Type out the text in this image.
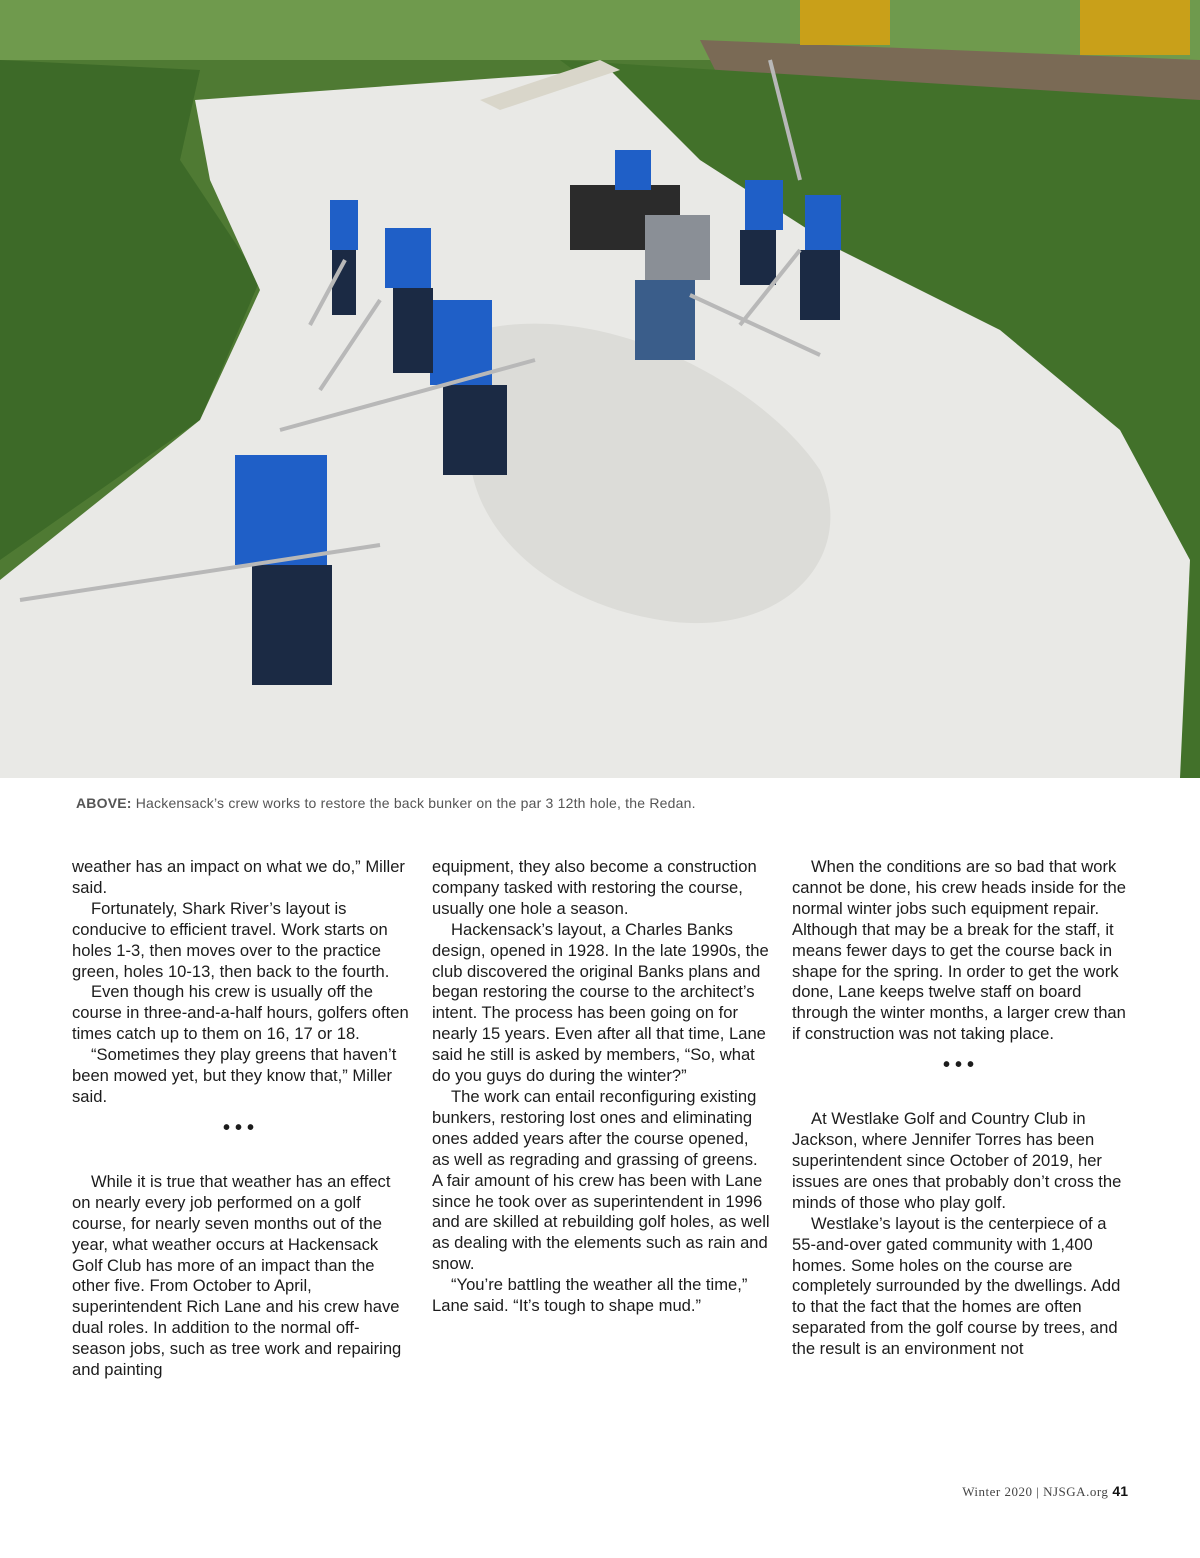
ABOVE: Hackensack’s crew works to restore the back bunker on the par 3 12th hole, the Redan.

weather has an impact on what we do,” Miller said.

Fortunately, Shark River’s layout is conducive to efficient travel. Work starts on holes 1-3, then moves over to the practice green, holes 10-13, then back to the fourth.

Even though his crew is usually off the course in three-and-a-half hours, golfers often times catch up to them on 16, 17 or 18.

“Sometimes they play greens that haven’t been mowed yet, but they know that,” Miller said.

•••

While it is true that weather has an effect on nearly every job performed on a golf course, for nearly seven months out of the year, what weather occurs at Hackensack Golf Club has more of an impact than the other five. From October to April, superintendent Rich Lane and his crew have dual roles. In addition to the normal off-season jobs, such as tree work and repairing and painting

equipment, they also become a construction company tasked with restoring the course, usually one hole a season.

Hackensack’s layout, a Charles Banks design, opened in 1928. In the late 1990s, the club discovered the original Banks plans and began restoring the course to the architect’s intent. The process has been going on for nearly 15 years. Even after all that time, Lane said he still is asked by members, “So, what do you guys do during the winter?”

The work can entail reconfiguring existing bunkers, restoring lost ones and eliminating ones added years after the course opened, as well as regrading and grassing of greens. A fair amount of his crew has been with Lane since he took over as superintendent in 1996 and are skilled at rebuilding golf holes, as well as dealing with the elements such as rain and snow.

“You’re battling the weather all the time,” Lane said. “It’s tough to shape mud.”

When the conditions are so bad that work cannot be done, his crew heads inside for the normal winter jobs such equipment repair. Although that may be a break for the staff, it means fewer days to get the course back in shape for the spring. In order to get the work done, Lane keeps twelve staff on board through the winter months, a larger crew than if construction was not taking place.

•••

At Westlake Golf and Country Club in Jackson, where Jennifer Torres has been superintendent since October of 2019, her issues are ones that probably don’t cross the minds of those who play golf.

Westlake’s layout is the centerpiece of a 55-and-over gated community with 1,400 homes. Some holes on the course are completely surrounded by the dwellings. Add to that the fact that the homes are often separated from the golf course by trees, and the result is an environment not

Winter 2020 | NJSGA.org 41
